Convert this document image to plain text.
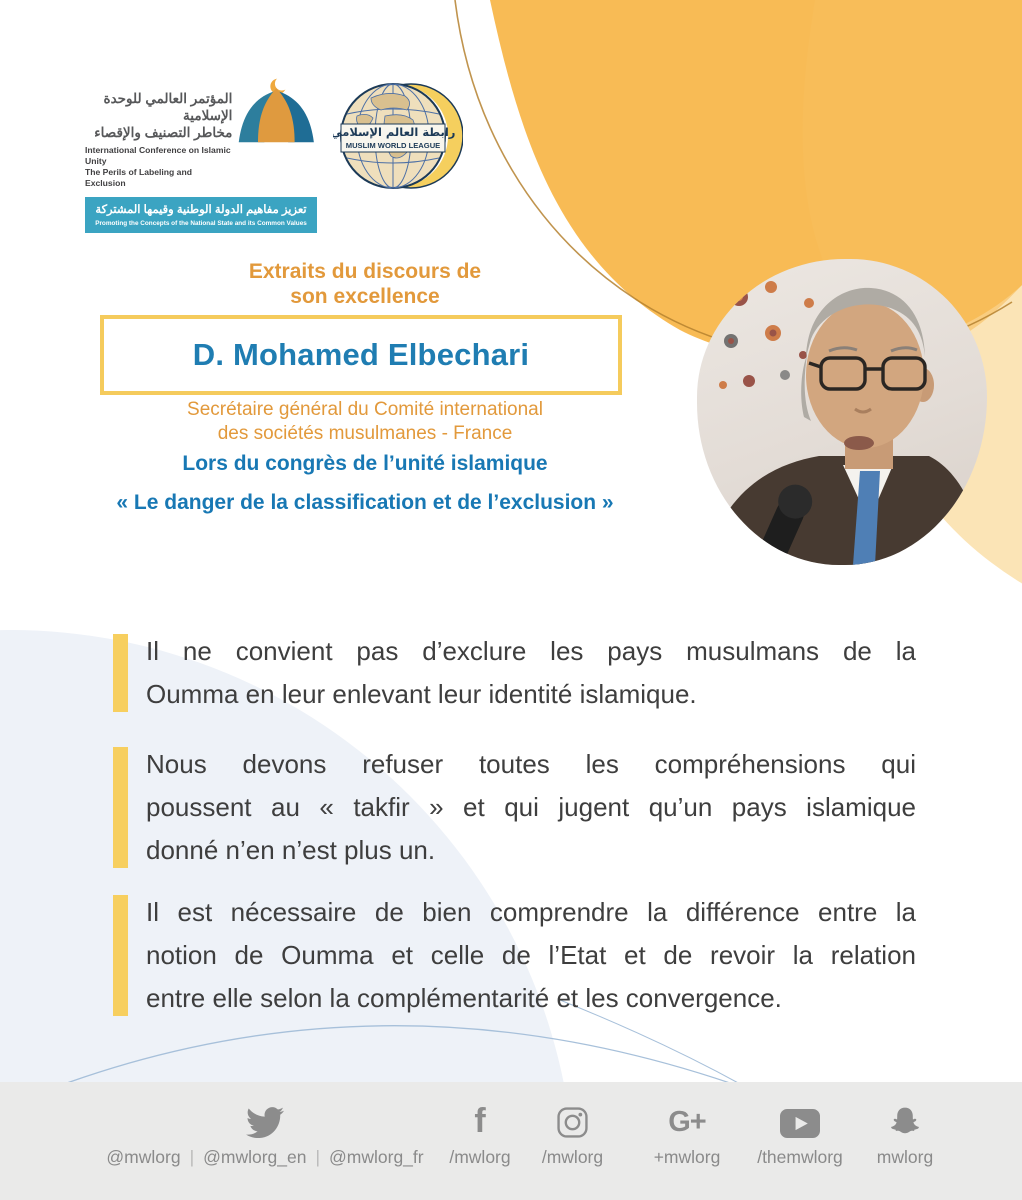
المؤتمر العالمي للوحدة الإسلامية
مخاطر التصنيف والإقصاء
International Conference on Islamic Unity
The Perils of Labeling and Exclusion
تعزيز مفاهيم الدولة الوطنية وقيمها المشتركة
Promoting the Concepts of the National State and its Common Values
رابطة العالم الإسلامي
MUSLIM WORLD LEAGUE
Extraits du discours de
son excellence
D. Mohamed Elbechari
Secrétaire général du Comité international
des sociétés musulmanes - France
Lors du congrès de l’unité islamique
« Le danger de la classification et de l’exclusion »
Il ne convient pas d’exclure les pays musulmans de la
Oumma en leur enlevant leur identité islamique.
Nous devons refuser toutes les compréhensions qui
poussent au « takfir » et qui jugent qu’un pays islamique
donné n’en n’est plus un.
Il est nécessaire de bien comprendre la différence entre la
notion de Oumma et celle de l’Etat et de revoir la relation
entre elle selon la complémentarité et les convergence.
@mwlorg | @mwlorg_en | @mwlorg_fr
f
/mwlorg /mwlorg
G+
+mwlorg /themwlorg mwlorg
